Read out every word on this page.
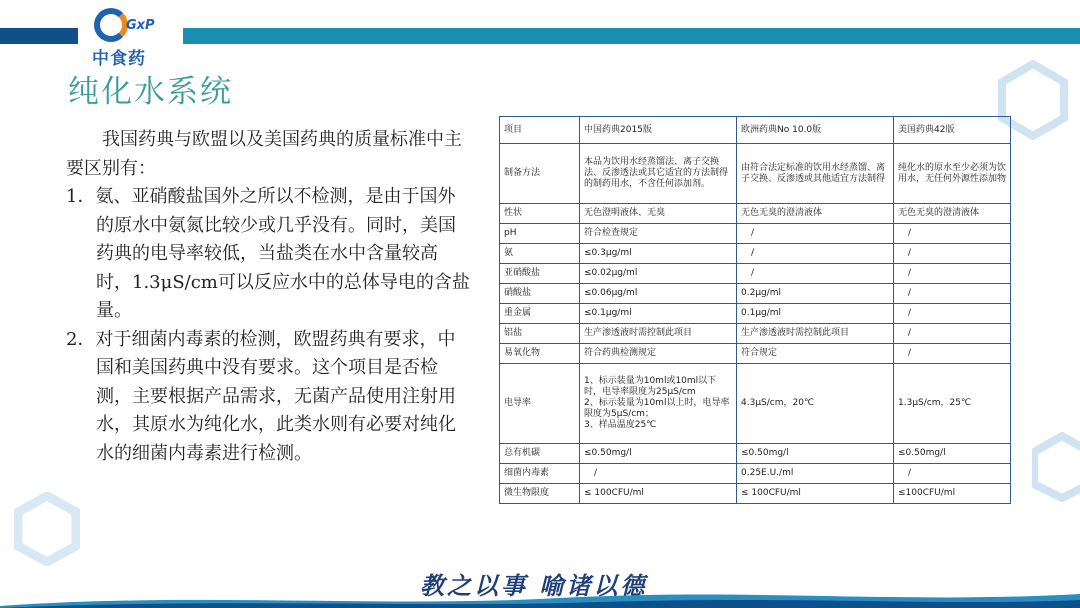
GxP
中食药
纯化水系统

我国药典与欧盟以及美国药典的质量标准中主要区别有：

1．氨、亚硝酸盐国外之所以不检测，是由于国外的原水中氨氮比较少或几乎没有。同时，美国药典的电导率较低，当盐类在水中含量较高时，1.3μS/cm可以反应水中的总体导电的含盐量。

2．对于细菌内毒素的检测，欧盟药典有要求，中国和美国药典中没有要求。这个项目是否检测，主要根据产品需求，无菌产品使用注射用水，其原水为纯化水，此类水则有必要对纯化水的细菌内毒素进行检测。

项目	中国药典2015版	欧洲药典No 10.0版	美国药典42版
制备方法	本品为饮用水经蒸馏法、离子交换法、反渗透法或其它适宜的方法制得的制药用水，不含任何添加剂。	由符合法定标准的饮用水经蒸馏、离子交换、反渗透或其他适宜方法制得	纯化水的原水至少必须为饮用水，无任何外源性添加物
性状	无色澄明液体、无臭	无色无臭的澄清液体	无色无臭的澄清液体
pH	符合检查规定	/	/
氨	≤0.3μg/ml	/	/
亚硝酸盐	≤0.02μg/ml	/	/
硝酸盐	≤0.06μg/ml	0.2μg/ml	/
重金属	≤0.1μg/ml	0.1μg/ml	/
铝盐	生产渗透液时需控制此项目	生产渗透液时需控制此项目	/
易氧化物	符合药典检测规定	符合规定	/
电导率	1、标示装量为10ml或10ml以下时，电导率限度为25μS/cm
2、标示装量为10ml以上时，电导率限度为5μS/cm；
3、样品温度25℃	4.3μS/cm，20℃	1.3μS/cm，25℃
总有机碳	≤0.50mg/l	≤0.50mg/l	≤0.50mg/l
细菌内毒素	/	0.25E.U./ml	/
微生物限度	≤ 100CFU/ml	≤ 100CFU/ml	≤100CFU/ml
教之以事 喻诸以德
